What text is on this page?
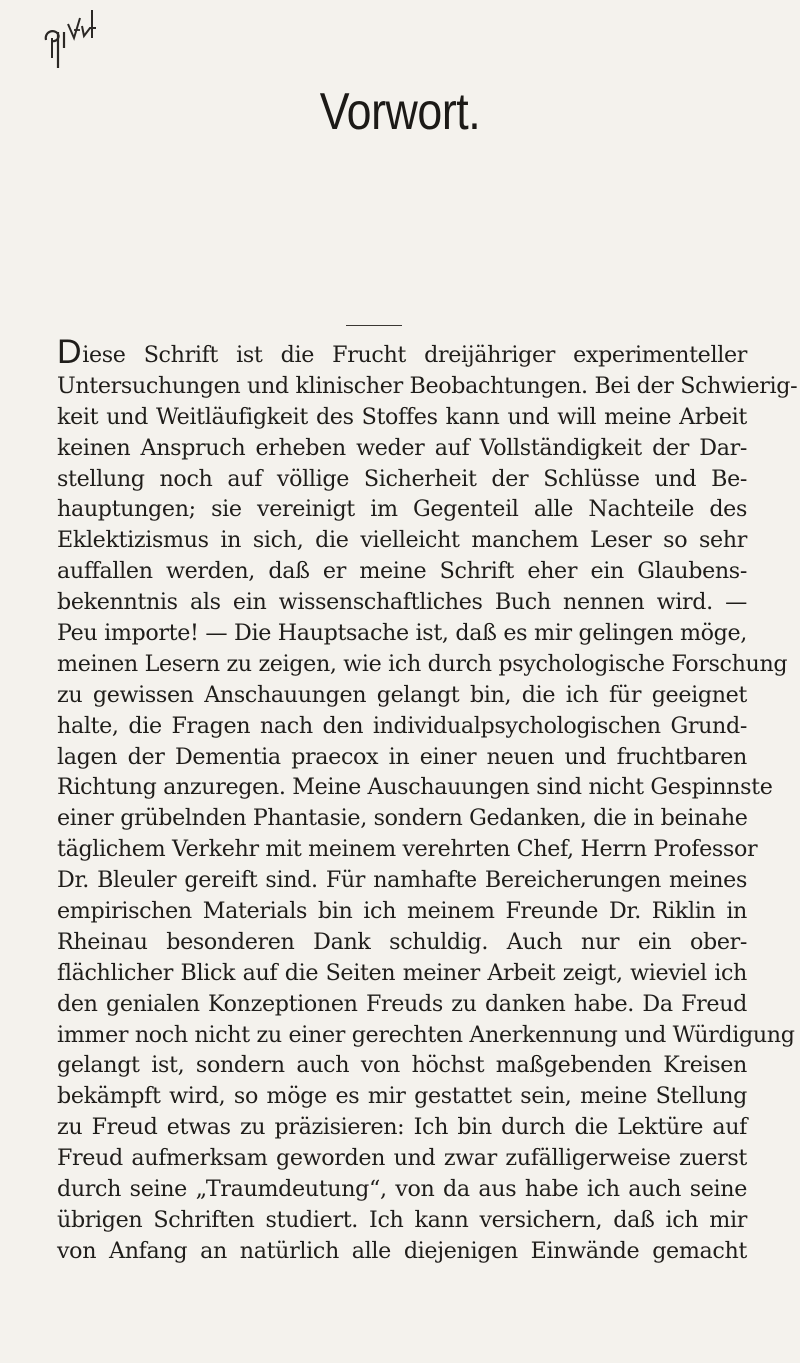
Vorwort.
Diese Schrift ist die Frucht dreijähriger experimenteller
Untersuchungen und klinischer Beobachtungen. Bei der Schwierig-
keit und Weitläufigkeit des Stoffes kann und will meine Arbeit
keinen Anspruch erheben weder auf Vollständigkeit der Dar-
stellung noch auf völlige Sicherheit der Schlüsse und Be-
hauptungen; sie vereinigt im Gegenteil alle Nachteile des
Eklektizismus in sich, die vielleicht manchem Leser so sehr
auffallen werden, daß er meine Schrift eher ein Glaubens-
bekenntnis als ein wissenschaftliches Buch nennen wird. —
Peu importe! — Die Hauptsache ist, daß es mir gelingen möge,
meinen Lesern zu zeigen, wie ich durch psychologische Forschung
zu gewissen Anschauungen gelangt bin, die ich für geeignet
halte, die Fragen nach den individualpsychologischen Grund-
lagen der Dementia praecox in einer neuen und fruchtbaren
Richtung anzuregen. Meine Auschauungen sind nicht Gespinnste
einer grübelnden Phantasie, sondern Gedanken, die in beinahe
täglichem Verkehr mit meinem verehrten Chef, Herrn Professor
Dr. Bleuler gereift sind. Für namhafte Bereicherungen meines
empirischen Materials bin ich meinem Freunde Dr. Riklin in
Rheinau besonderen Dank schuldig. Auch nur ein ober-
flächlicher Blick auf die Seiten meiner Arbeit zeigt, wieviel ich
den genialen Konzeptionen Freuds zu danken habe. Da Freud
immer noch nicht zu einer gerechten Anerkennung und Würdigung
gelangt ist, sondern auch von höchst maßgebenden Kreisen
bekämpft wird, so möge es mir gestattet sein, meine Stellung
zu Freud etwas zu präzisieren: Ich bin durch die Lektüre auf
Freud aufmerksam geworden und zwar zufälligerweise zuerst
durch seine „Traumdeutung“, von da aus habe ich auch seine
übrigen Schriften studiert. Ich kann versichern, daß ich mir
von Anfang an natürlich alle diejenigen Einwände gemacht
